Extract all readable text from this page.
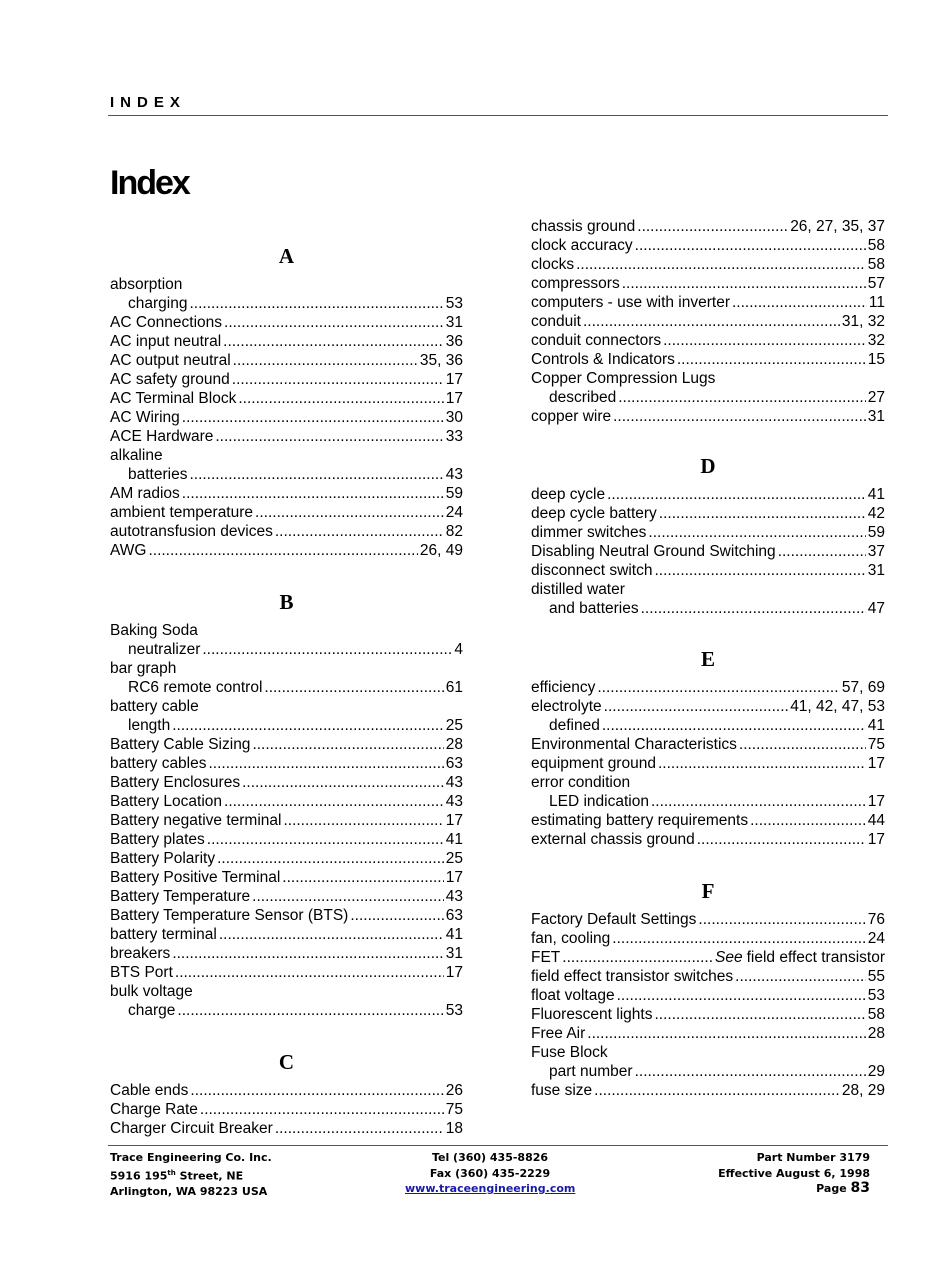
INDEX
Index
A
absorption
charging .....	53
AC Connections .....	31
AC input neutral .....	36
AC output neutral .....	35, 36
AC safety ground .....	17
AC Terminal Block .....	17
AC Wiring .....	30
ACE Hardware .....	33
alkaline
batteries .....	43
AM radios .....	59
ambient temperature .....	24
autotransfusion devices .....	82
AWG .....	26, 49
B
Baking Soda
neutralizer .....	4
bar graph
RC6 remote control .....	61
battery cable
length .....	25
Battery Cable Sizing .....	28
battery cables .....	63
Battery Enclosures .....	43
Battery Location .....	43
Battery negative terminal .....	17
Battery plates .....	41
Battery Polarity .....	25
Battery Positive Terminal .....	17
Battery Temperature .....	43
Battery Temperature Sensor (BTS) .....	63
battery terminal .....	41
breakers .....	31
BTS Port .....	17
bulk voltage
charge .....	53
C
Cable ends .....	26
Charge Rate .....	75
Charger Circuit Breaker .....	18
chassis ground .....	26, 27, 35, 37
clock accuracy .....	58
clocks .....	58
compressors .....	57
computers - use with inverter .....	11
conduit .....	31, 32
conduit connectors .....	32
Controls & Indicators .....	15
Copper Compression Lugs
described .....	27
copper wire .....	31
D
deep cycle .....	41
deep cycle battery .....	42
dimmer switches .....	59
Disabling Neutral Ground Switching .....	37
disconnect switch .....	31
distilled water
and batteries .....	47
E
efficiency .....	57, 69
electrolyte .....	41, 42, 47, 53
defined .....	41
Environmental Characteristics .....	75
equipment ground .....	17
error condition
LED indication .....	17
estimating battery requirements .....	44
external chassis ground .....	17
F
Factory Default Settings .....	76
fan, cooling .....	24
FET .....	See field effect transistor
field effect transistor switches .....	55
float voltage .....	53
Fluorescent lights .....	58
Free Air .....	28
Fuse Block
part number .....	29
fuse size .....	28, 29
Trace Engineering Co. Inc.
5916 195th Street, NE
Arlington, WA 98223 USA
Tel (360) 435-8826
Fax (360) 435-2229
www.traceengineering.com
Part Number 3179
Effective August 6, 1998
Page 83
